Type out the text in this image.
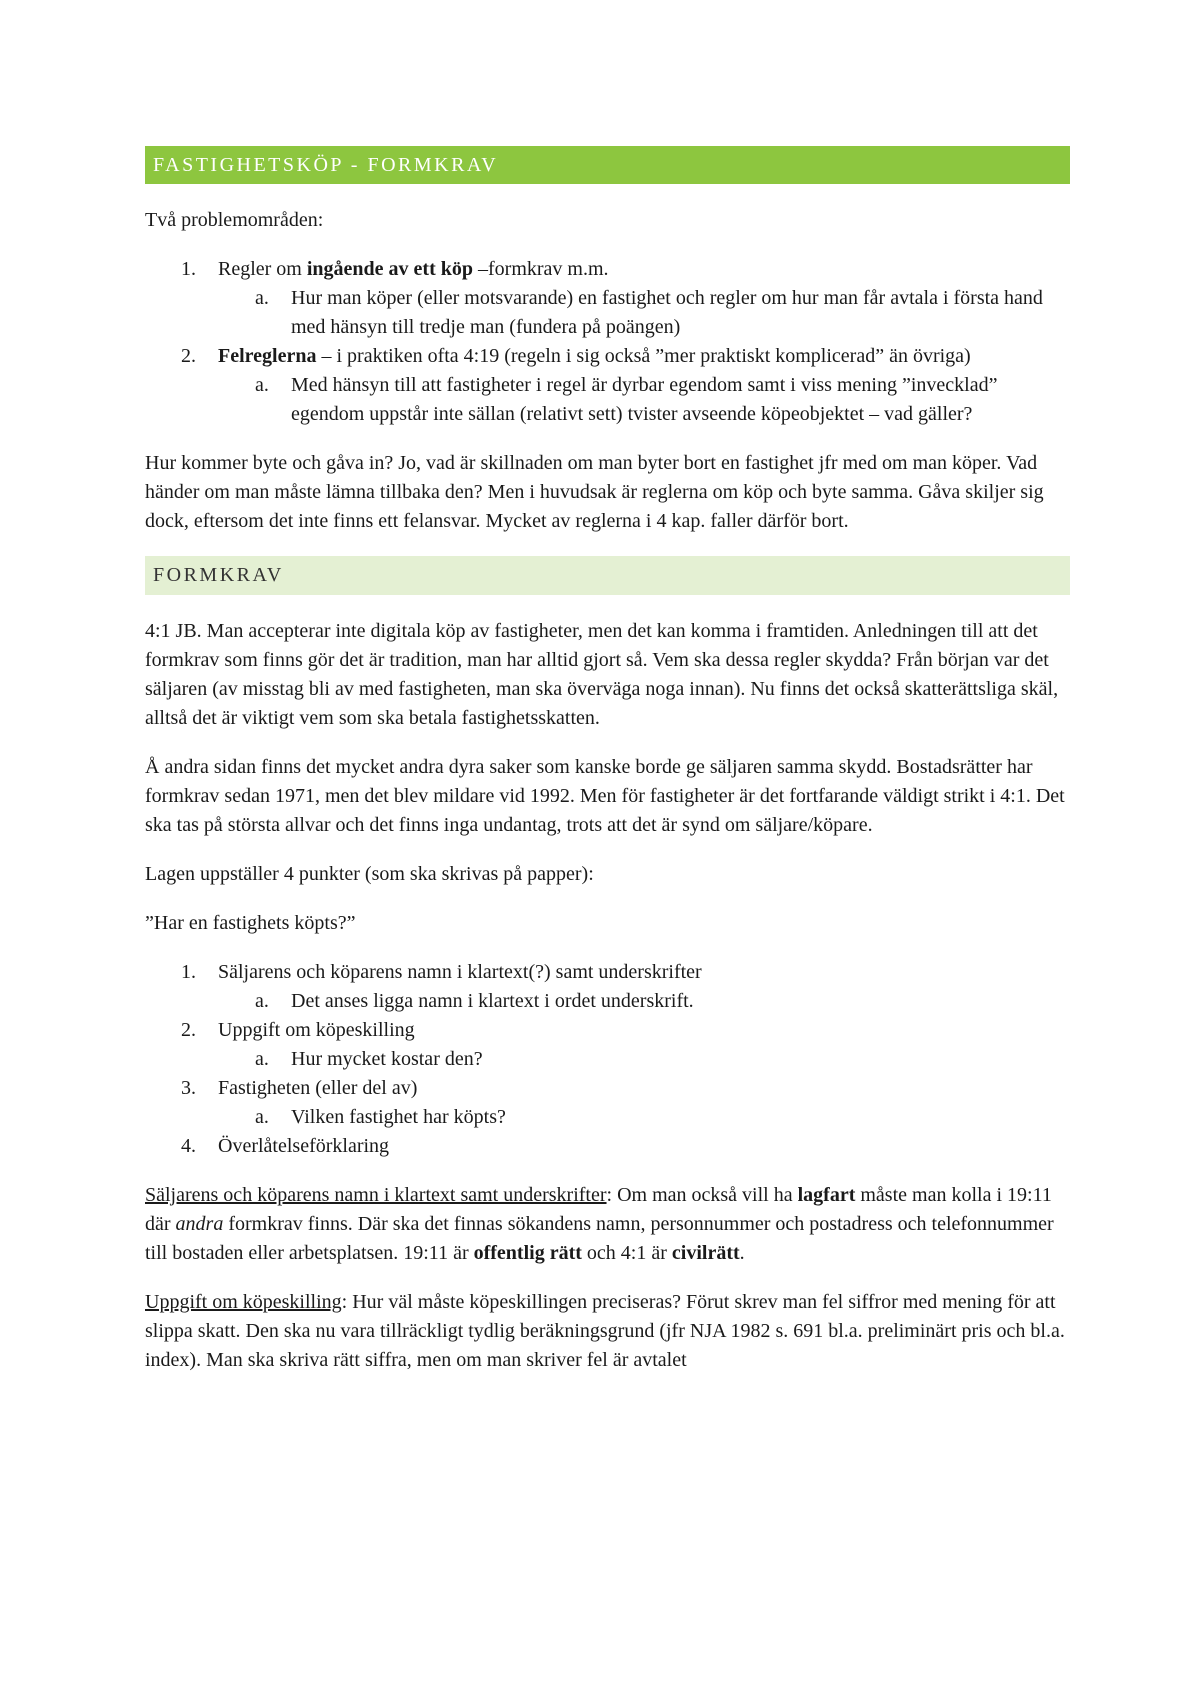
FASTIGHETSKÖP - FORMKRAV

Två problemområden:

1. Regler om ingående av ett köp –formkrav m.m.
a. Hur man köper (eller motsvarande) en fastighet och regler om hur man får avtala i första hand med hänsyn till tredje man (fundera på poängen)
2. Felreglerna – i praktiken ofta 4:19 (regeln i sig också ”mer praktiskt komplicerad” än övriga)
a. Med hänsyn till att fastigheter i regel är dyrbar egendom samt i viss mening ”invecklad” egendom uppstår inte sällan (relativt sett) tvister avseende köpeobjektet – vad gäller?

Hur kommer byte och gåva in? Jo, vad är skillnaden om man byter bort en fastighet jfr med om man köper. Vad händer om man måste lämna tillbaka den? Men i huvudsak är reglerna om köp och byte samma. Gåva skiljer sig dock, eftersom det inte finns ett felansvar. Mycket av reglerna i 4 kap. faller därför bort.

FORMKRAV

4:1 JB. Man accepterar inte digitala köp av fastigheter, men det kan komma i framtiden. Anledningen till att det formkrav som finns gör det är tradition, man har alltid gjort så. Vem ska dessa regler skydda? Från början var det säljaren (av misstag bli av med fastigheten, man ska överväga noga innan). Nu finns det också skatterättsliga skäl, alltså det är viktigt vem som ska betala fastighetsskatten.

Å andra sidan finns det mycket andra dyra saker som kanske borde ge säljaren samma skydd. Bostadsrätter har formkrav sedan 1971, men det blev mildare vid 1992. Men för fastigheter är det fortfarande väldigt strikt i 4:1. Det ska tas på största allvar och det finns inga undantag, trots att det är synd om säljare/köpare.

Lagen uppställer 4 punkter (som ska skrivas på papper):

”Har en fastighets köpts?”

1. Säljarens och köparens namn i klartext(?) samt underskrifter
a. Det anses ligga namn i klartext i ordet underskrift.
2. Uppgift om köpeskilling
a. Hur mycket kostar den?
3. Fastigheten (eller del av)
a. Vilken fastighet har köpts?
4. Överlåtelseförklaring

Säljarens och köparens namn i klartext samt underskrifter: Om man också vill ha lagfart måste man kolla i 19:11 där andra formkrav finns. Där ska det finnas sökandens namn, personnummer och postadress och telefonnummer till bostaden eller arbetsplatsen. 19:11 är offentlig rätt och 4:1 är civilrätt.

Uppgift om köpeskilling: Hur väl måste köpeskillingen preciseras? Förut skrev man fel siffror med mening för att slippa skatt. Den ska nu vara tillräckligt tydlig beräkningsgrund (jfr NJA 1982 s. 691 bl.a. preliminärt pris och bl.a. index). Man ska skriva rätt siffra, men om man skriver fel är avtalet
